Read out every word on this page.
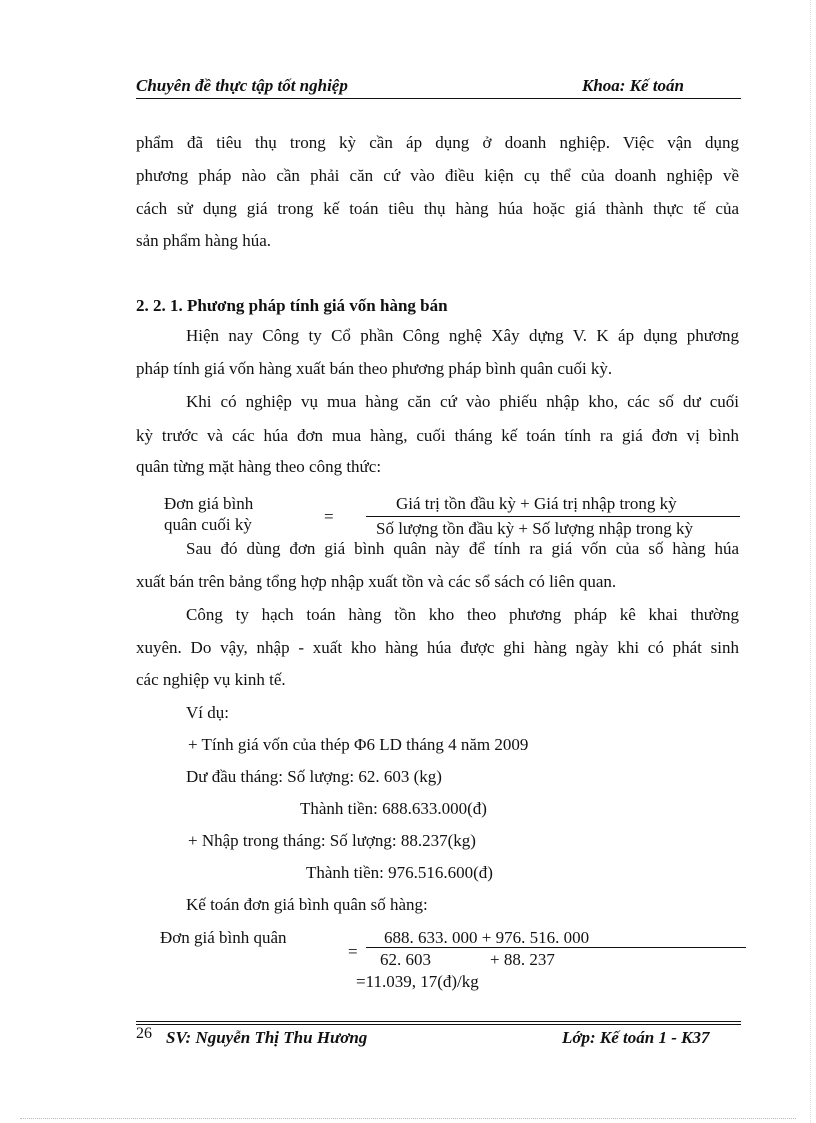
Chuyên đề thực tập tốt nghiệp	Khoa: Kế toán
phẩm đã tiêu thụ trong kỳ cần áp dụng ở doanh nghiệp. Việc vận dụng
phương pháp nào cần phải căn cứ vào điều kiện cụ thể của doanh nghiệp về
cách sử dụng giá trong kế toán tiêu thụ hàng húa hoặc giá thành thực tế của
sản phẩm hàng húa.
2. 2. 1. Phương pháp tính giá vốn hàng bán
Hiện nay Công ty Cổ phần Công nghệ Xây dựng V. K áp dụng phương
pháp tính giá vốn hàng xuất bán theo phương pháp bình quân cuối kỳ.
Khi có nghiệp vụ mua hàng căn cứ vào phiếu nhập kho, các số dư cuối
kỳ trước và các húa đơn mua hàng, cuối tháng kế toán tính ra giá đơn vị bình
quân từng mặt hàng theo công thức:
Đơn giá bình
quân cuối kỳ	=
Giá trị tồn đầu kỳ + Giá trị nhập trong kỳ
Số lượng tồn đầu kỳ + Số lượng nhập trong kỳ
Sau đó dùng đơn giá bình quân này để tính ra giá vốn của số hàng húa
xuất bán trên bảng tổng hợp nhập xuất tồn và các sổ sách có liên quan.
Công ty hạch toán hàng tồn kho theo phương pháp kê khai thường
xuyên. Do vậy, nhập - xuất kho hàng húa được ghi hàng ngày khi có phát sinh
các nghiệp vụ kinh tế.
Ví dụ:
+ Tính giá vốn của thép Φ6 LD tháng 4 năm 2009
Dư đầu tháng: Số lượng: 62. 603 (kg)
Thành tiền: 688.633.000(đ)
+ Nhập trong tháng: Số lượng: 88.237(kg)
Thành tiền: 976.516.600(đ)
Kế toán đơn giá bình quân số hàng:
Đơn giá bình quân
=
688. 633. 000 + 976. 516. 000
62. 603	+ 88. 237
=11.039, 17(đ)/kg
26 SV: Nguyễn Thị Thu Hương	Lớp: Kế toán 1 - K37
